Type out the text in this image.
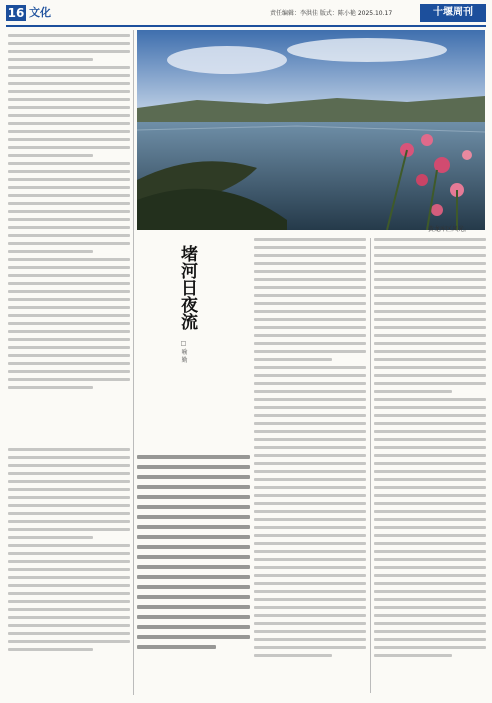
16 文化	责任编辑：李洪佳 版式：陈小艳 2025.10.17	十堰周刊
黄龙库区风光。
堵河日夜流
□ 喻 勤
